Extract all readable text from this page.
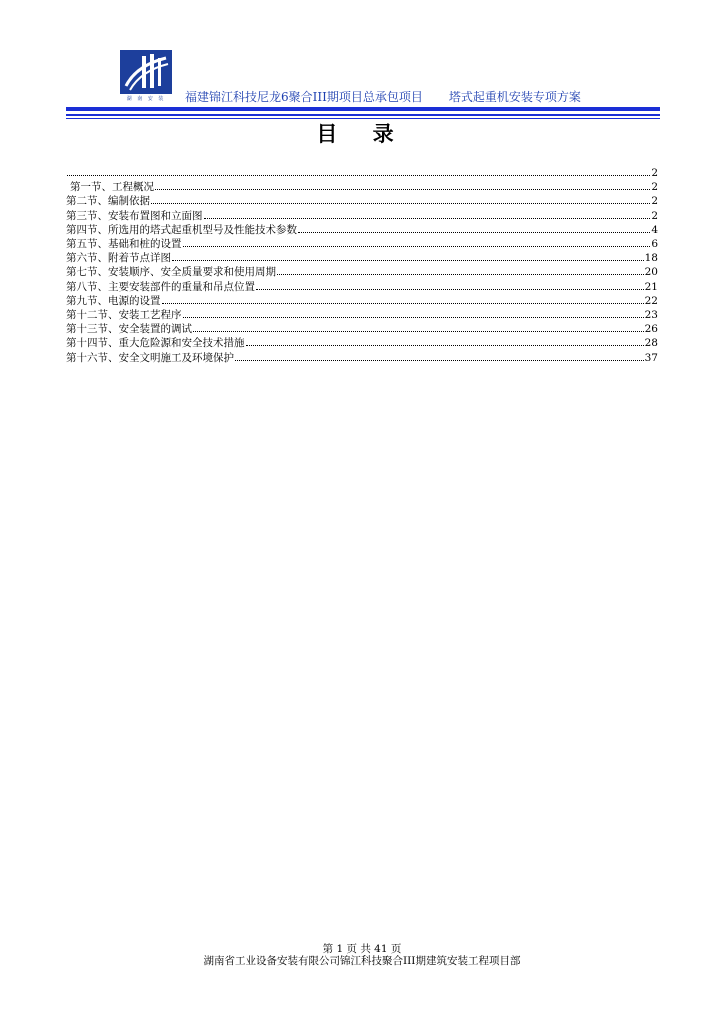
湖 南 安 装	福建锦江科技尼龙6聚合III期项目总承包项目 塔式起重机安装专项方案
目 录
2
第一节、工程概况	2
第二节、编制依据	2
第三节、安装布置图和立面图	2
第四节、所选用的塔式起重机型号及性能技术参数	4
第五节、基础和桩的设置	6
第六节、附着节点详图	18
第七节、安装顺序、安全质量要求和使用周期	20
第八节、主要安装部件的重量和吊点位置	21
第九节、电源的设置	22
第十二节、安装工艺程序	23
第十三节、安全装置的调试	26
第十四节、重大危险源和安全技术措施	28
第十六节、安全文明施工及环境保护	37
第 1 页 共 41 页
湖南省工业设备安装有限公司锦江科技聚合III期建筑安装工程项目部
